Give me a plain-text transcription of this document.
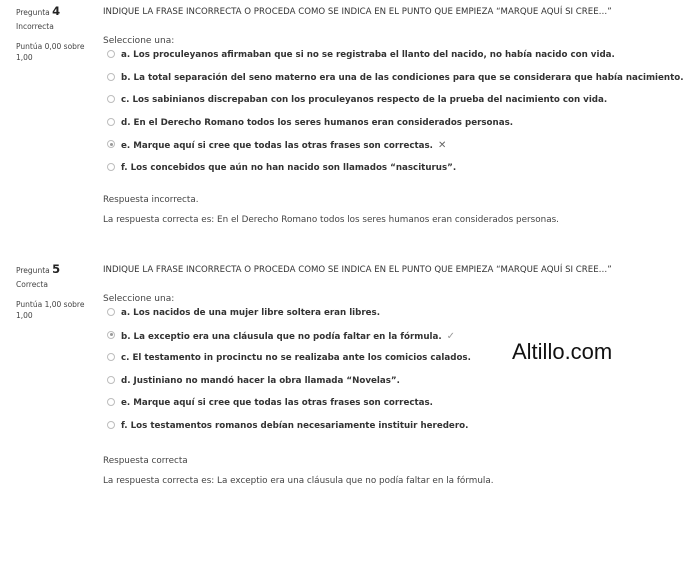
Pregunta 4
Incorrecta
Puntúa 0,00 sobre 1,00
INDIQUE LA FRASE INCORRECTA O PROCEDA COMO SE INDICA EN EL PUNTO QUE EMPIEZA “MARQUE AQUÍ SI CREE…”
Seleccione una:
a. Los proculeyanos afirmaban que si no se registraba el llanto del nacido, no había nacido con vida.
b. La total separación del seno materno era una de las condiciones para que se considerara que había nacimiento.
c. Los sabinianos discrepaban con los proculeyanos respecto de la prueba del nacimiento con vida.
d. En el Derecho Romano todos los seres humanos eran considerados personas.
e. Marque aquí si cree que todas las otras frases son correctas. ✕
f. Los concebidos que aún no han nacido son llamados “nasciturus”.
Respuesta incorrecta.
La respuesta correcta es: En el Derecho Romano todos los seres humanos eran considerados personas.
Pregunta 5
Correcta
Puntúa 1,00 sobre 1,00
INDIQUE LA FRASE INCORRECTA O PROCEDA COMO SE INDICA EN EL PUNTO QUE EMPIEZA “MARQUE AQUÍ SI CREE…”
Seleccione una:
a. Los nacidos de una mujer libre soltera eran libres.
b. La exceptio era una cláusula que no podía faltar en la fórmula. ✓
c. El testamento in procinctu no se realizaba ante los comicios calados.
d. Justiniano no mandó hacer la obra llamada “Novelas”.
e. Marque aquí si cree que todas las otras frases son correctas.
f. Los testamentos romanos debían necesariamente instituir heredero.
Respuesta correcta
La respuesta correcta es: La exceptio era una cláusula que no podía faltar en la fórmula.
Altillo.com
